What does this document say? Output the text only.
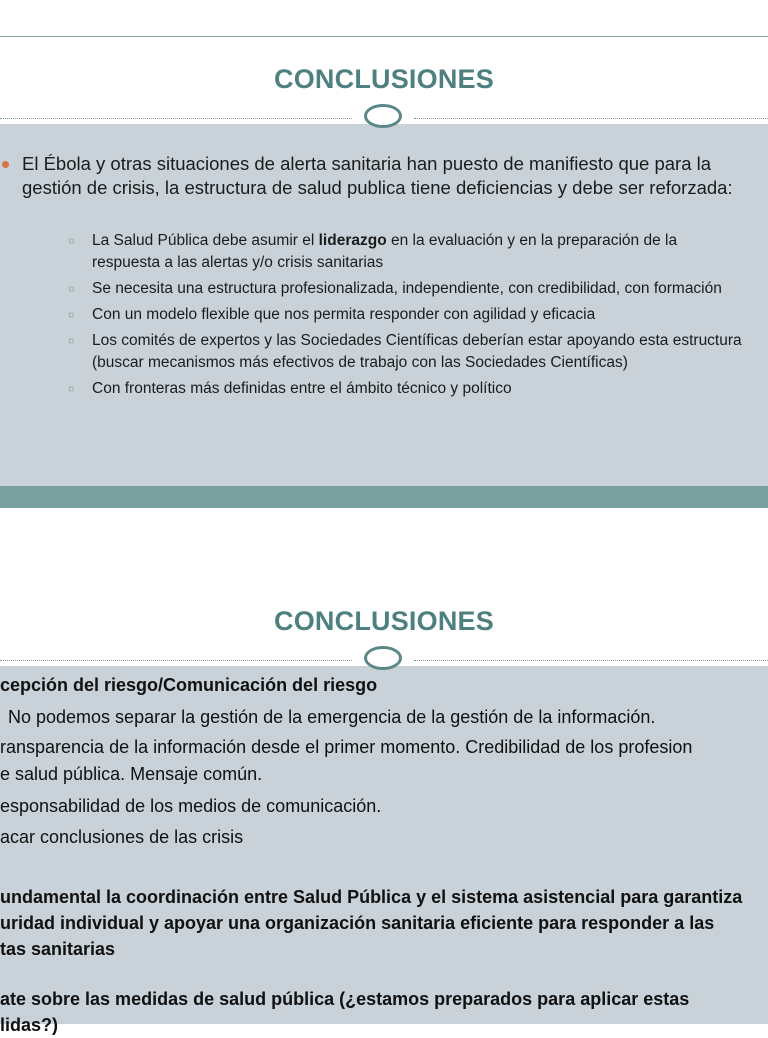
CONCLUSIONES
El Ébola y otras situaciones de alerta sanitaria han puesto de manifiesto que para la gestión de crisis, la estructura de salud publica tiene deficiencias y debe ser reforzada:
¤ La Salud Pública debe asumir el liderazgo en la evaluación y en la preparación de la respuesta a las alertas y/o crisis sanitarias
¤ Se necesita una estructura profesionalizada, independiente, con credibilidad, con formación
¤ Con un modelo flexible que nos permita responder con agilidad y eficacia
¤ Los comités de expertos y las Sociedades Científicas deberían estar apoyando esta estructura (buscar mecanismos más efectivos de trabajo con las Sociedades Científicas)
¤ Con fronteras más definidas entre el ámbito técnico y político
CONCLUSIONES
cepción del riesgo/Comunicación del riesgo
No podemos separar la gestión de la emergencia de la gestión de la información.
ransparencia de la información desde el primer momento. Credibilidad de los profesion
e salud pública. Mensaje común.
esponsabilidad de los medios de comunicación.
acar conclusiones de las crisis
undamental la coordinación entre Salud Pública y el sistema asistencial para garantiza
uridad individual y apoyar una organización sanitaria eficiente para responder a las
tas sanitarias
ate sobre las medidas de salud pública (¿estamos preparados para aplicar estas
lidas?)
